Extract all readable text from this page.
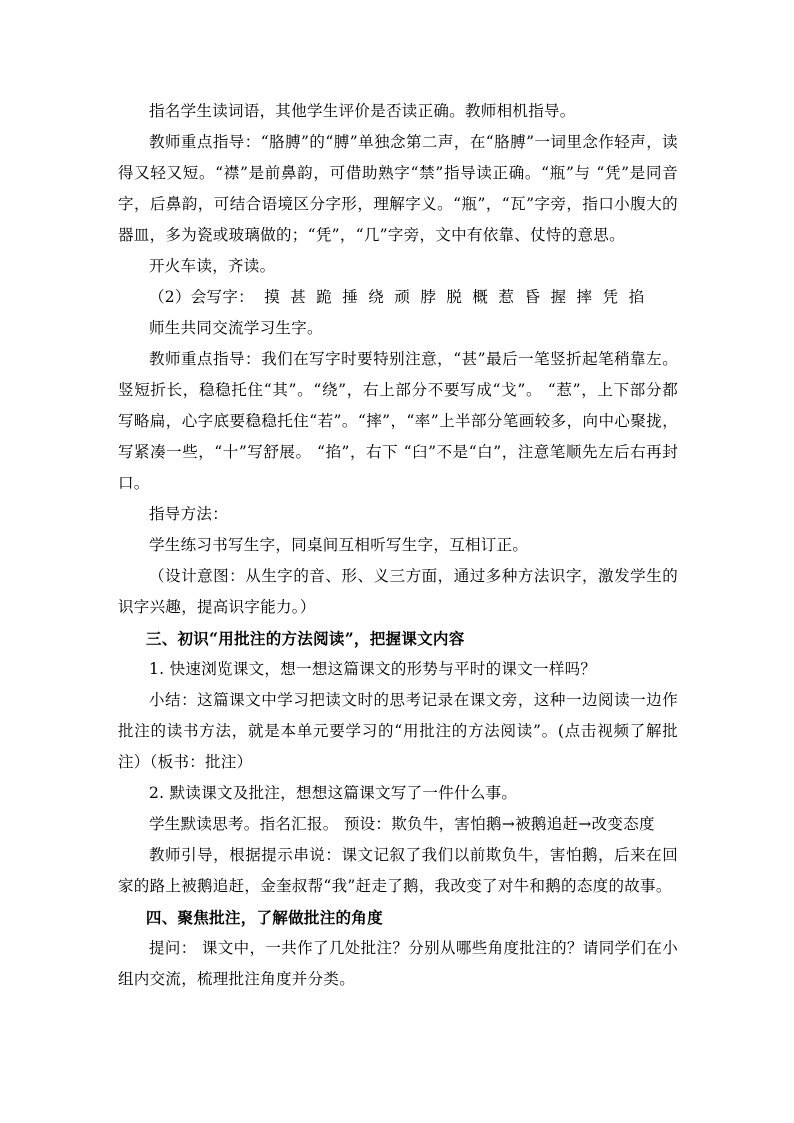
指名学生读词语，其他学生评价是否读正确。教师相机指导。

教师重点指导：“胳膊”的“膊”单独念第二声，在“胳膊”一词里念作轻声，读得又轻又短。“襟”是前鼻韵，可借助熟字“禁”指导读正确。“瓶”与 “凭”是同音字，后鼻韵，可结合语境区分字形，理解字义。“瓶”，“瓦”字旁，指口小腹大的器皿，多为瓷或玻璃做的；“凭”，“几”字旁，文中有依靠、仗恃的意思。

开火车读，齐读。

（2）会写字： 摸 甚 跪 捶 绕 顽 脖 脱 概 惹 昏 握 摔 凭 掐

师生共同交流学习生字。

教师重点指导：我们在写字时要特别注意，“甚”最后一笔竖折起笔稍靠左。竖短折长，稳稳托住“其”。“绕”，右上部分不要写成“戈”。 “惹”，上下部分都写略扁，心字底要稳稳托住“若”。“摔”，“率”上半部分笔画较多，向中心聚拢，写紧凑一些，“十”写舒展。 “掐”，右下 “臼”不是“白”，注意笔顺先左后右再封口。

指导方法：

学生练习书写生字，同桌间互相听写生字，互相订正。

（设计意图：从生字的音、形、义三方面，通过多种方法识字，激发学生的识字兴趣，提高识字能力。）

三、初识“用批注的方法阅读”，把握课文内容

1. 快速浏览课文，想一想这篇课文的形势与平时的课文一样吗？

小结：这篇课文中学习把读文时的思考记录在课文旁，这种一边阅读一边作批注的读书方法，就是本单元要学习的“用批注的方法阅读”。(点击视频了解批注）（板书：批注）

2. 默读课文及批注，想想这篇课文写了一件什么事。

学生默读思考。指名汇报。 预设：欺负牛，害怕鹅→被鹅追赶→改变态度

教师引导，根据提示串说：课文记叙了我们以前欺负牛，害怕鹅，后来在回家的路上被鹅追赶，金奎叔帮“我”赶走了鹅，我改变了对牛和鹅的态度的故事。

四、聚焦批注，了解做批注的角度

提问： 课文中，一共作了几处批注？分别从哪些角度批注的？请同学们在小组内交流，梳理批注角度并分类。
